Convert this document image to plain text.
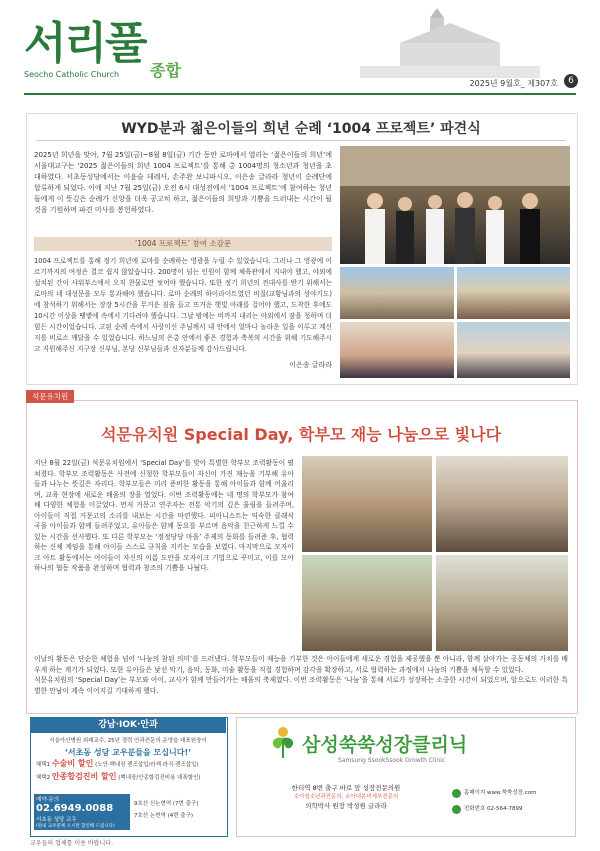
서리풀
Seocho Catholic Church 종합
2025년 9월호_ 제307호	6
WYD분과 젊은이들의 희년 순례 ‘1004 프로젝트’ 파견식
2025년 희년을 맞아, 7월 25일(금)~8월 8일(금) 기간 동안 로마에서 열리는 ‘젊은이들의 희년’에 서울대교구는 ‘2025 젊은이들의 희년 1004 프로젝트’를 통해 총 1004명의 청소년과 청년을 초대하였다. 서초동성당에서는 이윤슬 데레사, 손주완 보니파시오, 이은송 글라라 청년이 순례단에 합류하게 되었다. 이에 지난 7월 25일(금) 오전 6시 대성전에서 ‘1004 프로젝트’에 참여하는 청년들에게 이 뜻깊은 순례가 신앙을 더욱 공고히 하고, 젊은이들의 희망과 기쁨을 드러내는 시간이 될 것을 기원하며 파견 미사를 봉헌하였다.
‘1004 프로젝트’ 참여 소감문
1004 프로젝트를 통해 정기 희년에 로마를 순례하는 영광을 누릴 수 있었습니다. 그러나 그 영광에 이르기까지의 여정은 결코 쉽지 않았습니다. 200명이 넘는 인원이 함께 체육관에서 지내야 했고, 야외에 설치된 간이 샤워부스에서 오직 찬물로만 씻어야 했습니다. 또한 정기 희년의 전대사를 받기 위해서는 로마의 네 대성문을 모두 통과해야 했습니다. 로마 순례의 하이라이트였던 비질(교황님과의 성야기도)에 참석하기 위해서는 장장 5시간을 무거운 짐을 들고 뜨거운 햇빛 아래를 걸어야 했고, 도착한 후에도 10시간 이상을 땡볕에 속에서 기다려야 했습니다. 그날 밤에는 비까지 내리는 야외에서 잠을 청하며 더 힘든 시간이었습니다. 고된 순례 속에서 사랑이신 주님께서 내 안에서 얼마나 놀라운 일을 이루고 계신지를 비로소 깨달을 수 있었습니다. 하느님의 은총 안에서 좋은 경험과 축복의 시간을 위해 기도해주시고 지원해주신 지구장 신부님, 본당 신부님들과 신자분들께 감사드립니다.
이은송 글라라
석문유치원
석문유치원 Special Day, 학부모 재능 나눔으로 빛나다
지난 8월 22일(금) 석문유치원에서 ‘Special Day’를 맞아 특별한 학부모 조력활동이 펼쳐졌다. 학부모 조력활동은 사전에 신청한 학부모들이 자신이 가진 재능을 기부해 유아들과 나누는 뜻깊은 자리다. 학부모들은 미리 준비한 활동을 통해 아이들과 함께 어울리며, 교육 현장에 새로운 배움의 장을 열었다. 이번 조력활동에는 네 명의 학부모가 참여해 다양한 체험을 이끌었다. 먼저 거문고 연주자는 전통 악기의 깊은 울림을 들려주며, 아이들이 직접 거문고의 소리를 내보는 시간을 마련했다. 피아니스트는 익숙한 클래식 곡을 아이들과 함께 들려주었고, 유아들은 함께 동요를 부르며 음악을 친근하게 느낄 수 있는 시간을 선사했다. 또 다른 학부모는 ‘정정당당 마을’ 주제의 동화를 들려준 후, 협력하는 신체 게임을 통해 아이들 스스로 규칙을 지키는 모습을 보였다. 마지막으로 모자이크 아트 활동에서는 아이들이 자신의 이름 도안을 모자이크 기법으로 꾸미고, 이를 모아 하나의 협동 작품을 완성하며 협력과 창조의 기쁨을 나눴다.
이날의 활동은 단순한 체험을 넘어 ‘나눔의 참된 의미’를 드러냈다. 학부모들이 재능을 기부한 것은 아이들에게 새로운 경험을 제공했을 뿐 아니라, 함께 살아가는 공동체의 가치를 배우게 하는 계기가 되었다. 또한 유아들은 낯선 악기, 음악, 동화, 미술 활동을 직접 경험하며 감각을 확장하고, 서로 협력하는 과정에서 나눔의 기쁨을 체득할 수 있었다.
석문유치원의 ‘Special Day’는 부모와 아이, 교사가 함께 만들어가는 배움의 축제였다. 이번 조력활동은 ‘나눔’을 통해 서로가 성장하는 소중한 시간이 되었으며, 앞으로도 이러한 특별한 만남이 계속 이어지길 기대하게 했다.
강남·IOK·안과
서울아산병원 외래교수, 25년 경력 안과전문의 운영을 대표원장이
‘서초동 성당 교우분들을 모십니다!’
혜택1 수술비 할인 (노안·백내장 렌즈삽입/라섹·라식·렌즈삽입)
혜택2 안종합검진비 할인 (백내장/안종합검진비용 대폭할인)
예약·문의
02.6949.0088
서초동 성당 교우
(원내 교우분께 오시면 할인해 드립니다)
9호선 신논현역 (7번 출구)
7호선 논현역 (4번 출구)
삼성쑥쑥성장클리닉
Samsung SsookSsook Growth Clinic
한티역 8번 출구 바로 앞 성장전문의원
소아청소년과전문의, 소아내분비세부전문의
의학박사 원장 박성원 글라라
홈페이지 www.쑥쑥성장.com
전화번호 02-564-7899
교우들의 업체를 이용 바랍니다.
